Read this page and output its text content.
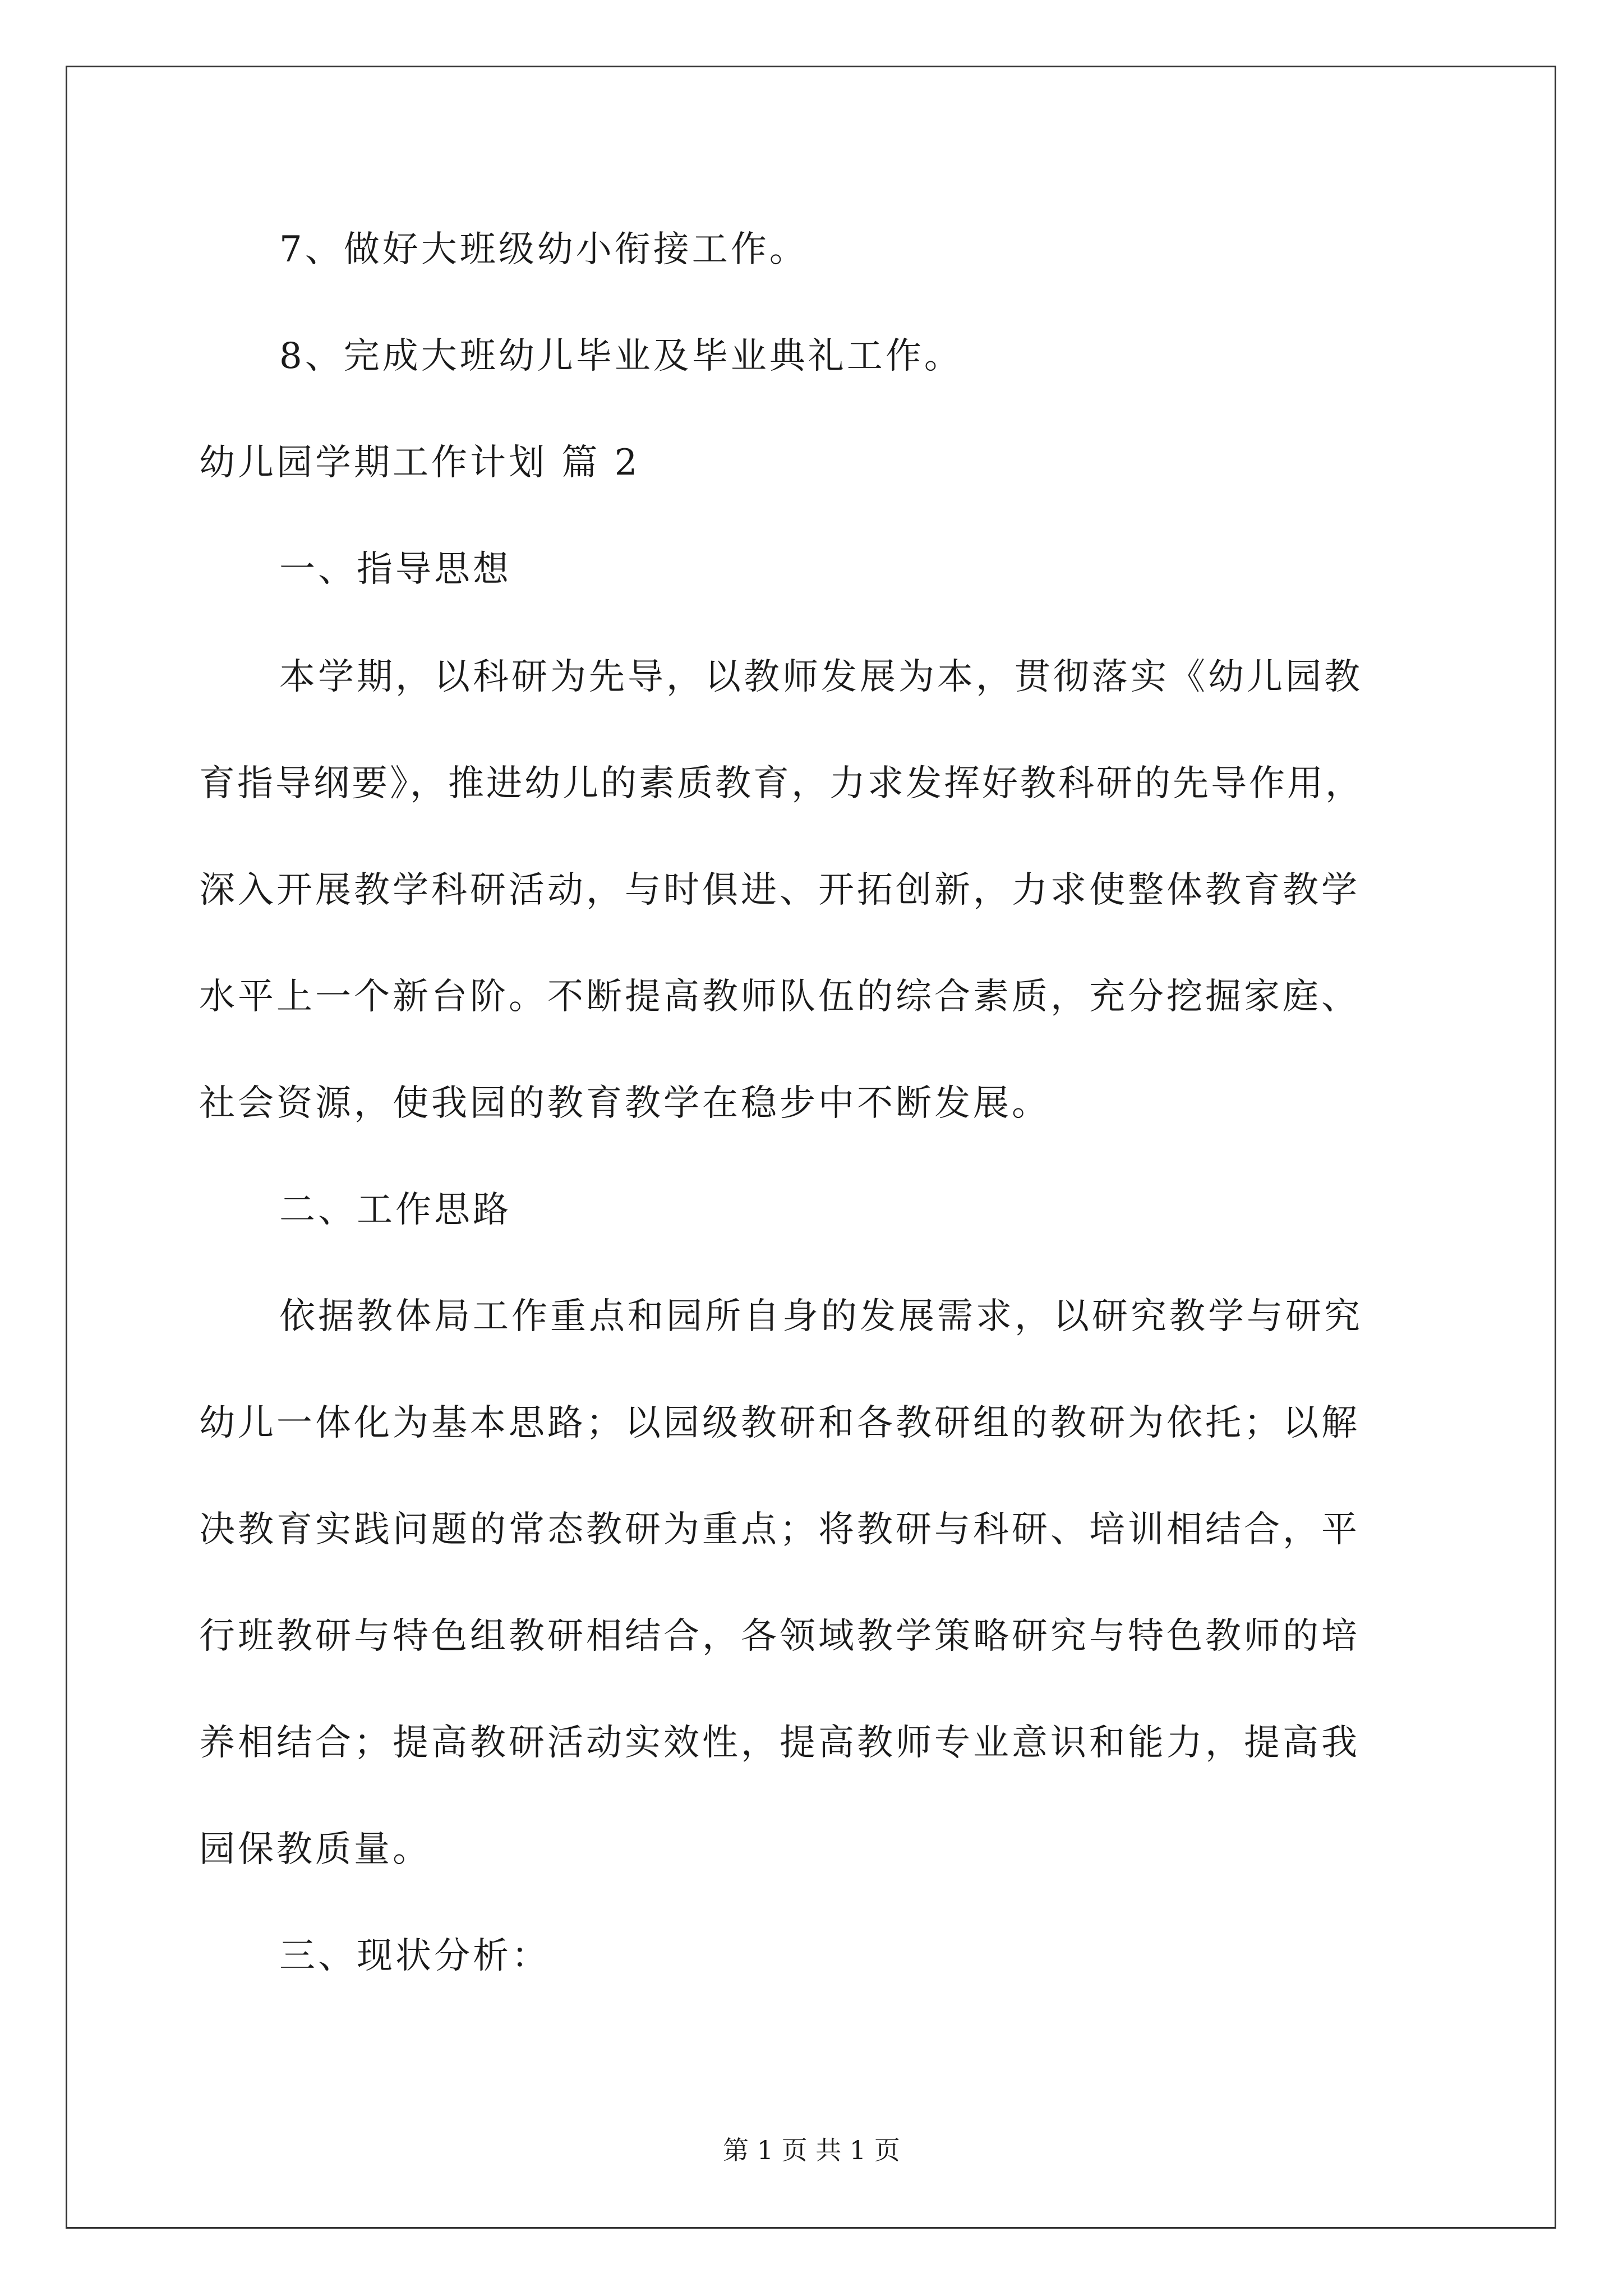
7、做好大班级幼小衔接工作。

8、完成大班幼儿毕业及毕业典礼工作。

幼儿园学期工作计划 篇 2

一、指导思想

本学期，以科研为先导，以教师发展为本，贯彻落实《幼儿园教

育指导纲要》，推进幼儿的素质教育，力求发挥好教科研的先导作用，

深入开展教学科研活动，与时俱进、开拓创新，力求使整体教育教学

水平上一个新台阶。不断提高教师队伍的综合素质，充分挖掘家庭、

社会资源，使我园的教育教学在稳步中不断发展。

二、工作思路

依据教体局工作重点和园所自身的发展需求，以研究教学与研究

幼儿一体化为基本思路；以园级教研和各教研组的教研为依托；以解

决教育实践问题的常态教研为重点；将教研与科研、培训相结合，平

行班教研与特色组教研相结合，各领域教学策略研究与特色教师的培

养相结合；提高教研活动实效性，提高教师专业意识和能力，提高我

园保教质量。

三、现状分析：

第 1 页 共 1 页
